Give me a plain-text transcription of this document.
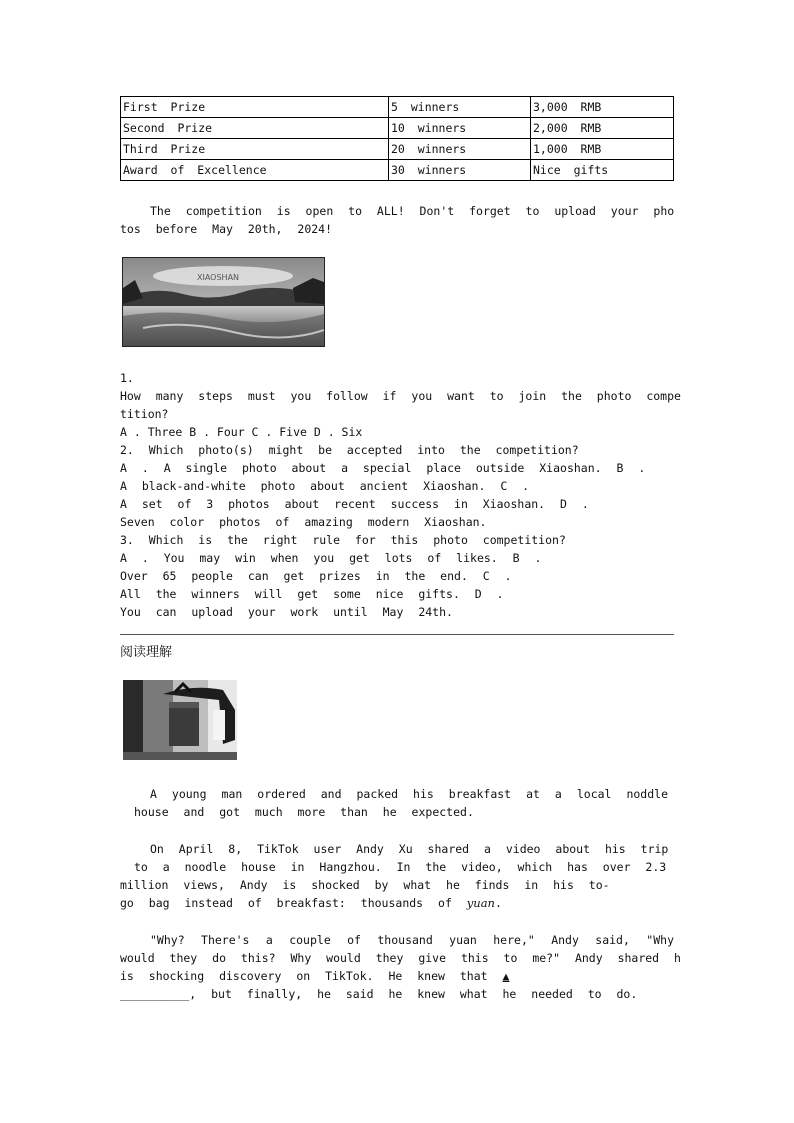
First Prize	5 winners	3,000 RMB
Second Prize	10 winners	2,000 RMB
Third Prize	20 winners	1,000 RMB
Award of Excellence	30 winners	Nice gifts
The competition is open to ALL! Don't forget to upload your pho
tos before May 20th, 2024!
XIAOSHAN
1.
How many steps must you follow if you want to join the photo compe
tition?
A . Three B . Four C . Five D . Six
2. Which photo(s) might be accepted into the competition?
A . A single photo about a special place outside Xiaoshan. B .
A black-and-white photo about ancient Xiaoshan. C .
A set of 3 photos about recent success in Xiaoshan. D .
Seven color photos of amazing modern Xiaoshan.
3. Which is the right rule for this photo competition?
A . You may win when you get lots of likes. B .
Over 65 people can get prizes in the end. C .
All the winners will get some nice gifts. D .
You can upload your work until May 24th.
阅读理解
A young man ordered and packed his breakfast at a local noddle
house and got much more than he expected.
On April 8, TikTok user Andy Xu shared a video about his trip
to a noodle house in Hangzhou. In the video, which has over 2.3
million views, Andy is shocked by what he finds in his to-
go bag instead of breakfast: thousands of yuan.
"Why? There's a couple of thousand yuan here," Andy said, "Why
would they do this? Why would they give this to me?" Andy shared h
is shocking discovery on TikTok. He knew that ▲
__________, but finally, he said he knew what he needed to do.
